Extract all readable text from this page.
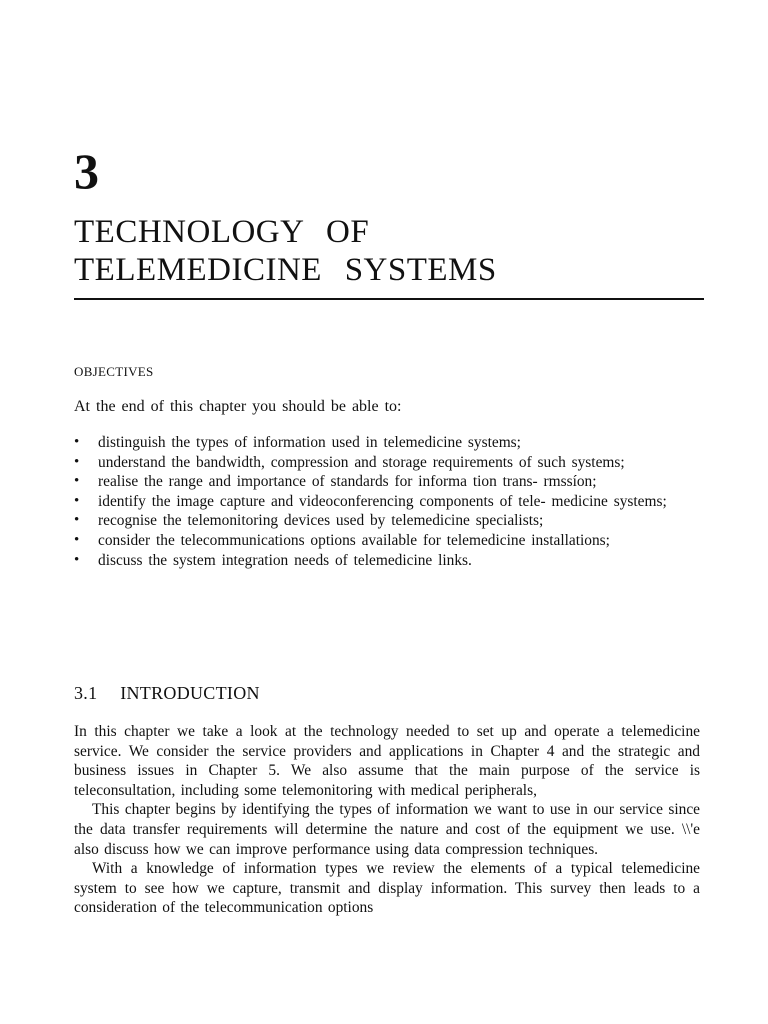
3
TECHNOLOGY OF
TELEMEDICINE SYSTEMS
OBJECTIVES
At the end of this chapter you should be able to:
• distinguish the types of information used in telemedicine systems;
• understand the bandwidth, compression and storage requirements of such systems;
• realise the range and importance of standards for informa tion trans- rmssíon;
• identify the image capture and videoconferencing components of tele- medicine systems;
• recognise the telemonitoring devices used by telemedicine specialists;
• consider the telecommunications options available for telemedicine installations;
• discuss the system integration needs of telemedicine links.
3.1 INTRODUCTION

In this chapter we take a look at the technology needed to set up and operate a telemedicine service. We consider the service providers and applications in Chapter 4 and the strategic and business issues in Chapter 5. We also assume that the main purpose of the service is teleconsultation, including some telemonitoring with medical peripherals,

This chapter begins by identifying the types of information we want to use in our service since the data transfer requirements will determine the nature and cost of the equipment we use. \\'e also discuss how we can improve performance using data compression techniques.

With a knowledge of information types we review the elements of a typical telemedicine system to see how we capture, transmit and display information. This survey then leads to a consideration of the telecommunication options
